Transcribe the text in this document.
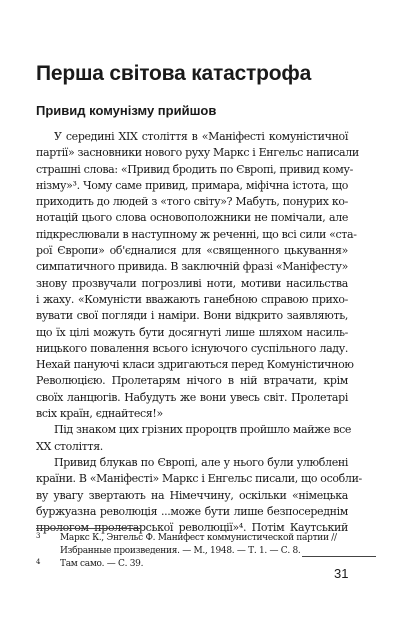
Перша світова катастрофа
Привид комунізму прийшов
У середині ХІХ століття в «Маніфесті комуністичної
партії» засновники нового руху Маркс і Енгельс написали
страшні слова: «Привид бродить по Європі, привид кому-
нізму»³. Чому саме привид, примара, міфічна істота, що
приходить до людей з «того світу»? Мабуть, понурих ко-
нотацій цього слова основоположники не помічали, але
підкреслювали в наступному ж реченні, що всі сили «ста-
рої Європи» об'єдналися для «священного цькування»
симпатичного привида. В заключній фразі «Маніфесту»
знову прозвучали погрозливі ноти, мотиви насильства
і жаху. «Комуністи вважають ганебною справою прихо-
вувати свої погляди і наміри. Вони відкрито заявляють,
що їх цілі можуть бути досягнуті лише шляхом насиль-
ницького повалення всього існуючого суспільного ладу.
Нехай пануючі класи здригаються перед Комуністичною
Революцією. Пролетарям нічого в ній втрачати, крім
своїх ланцюгів. Набудуть же вони увесь світ. Пролетарі
всіх країн, єднайтеся!»
Під знаком цих грізних пророцтв пройшло майже все
ХХ століття.
Привид блукав по Європі, але у нього були улюблені
країни. В «Маніфесті» Маркс і Енгельс писали, що особли-
ву увагу звертають на Німеччину, оскільки «німецька
буржуазна революція ...може бути лише безпосереднім
прологом пролетарської революції»⁴. Потім Каутський
3 Маркс К., Энгельс Ф. Манифест коммунистической партии //
Избранные произведения. — М., 1948. — Т. 1. — С. 8.
4 Там само. — С. 39.
31
